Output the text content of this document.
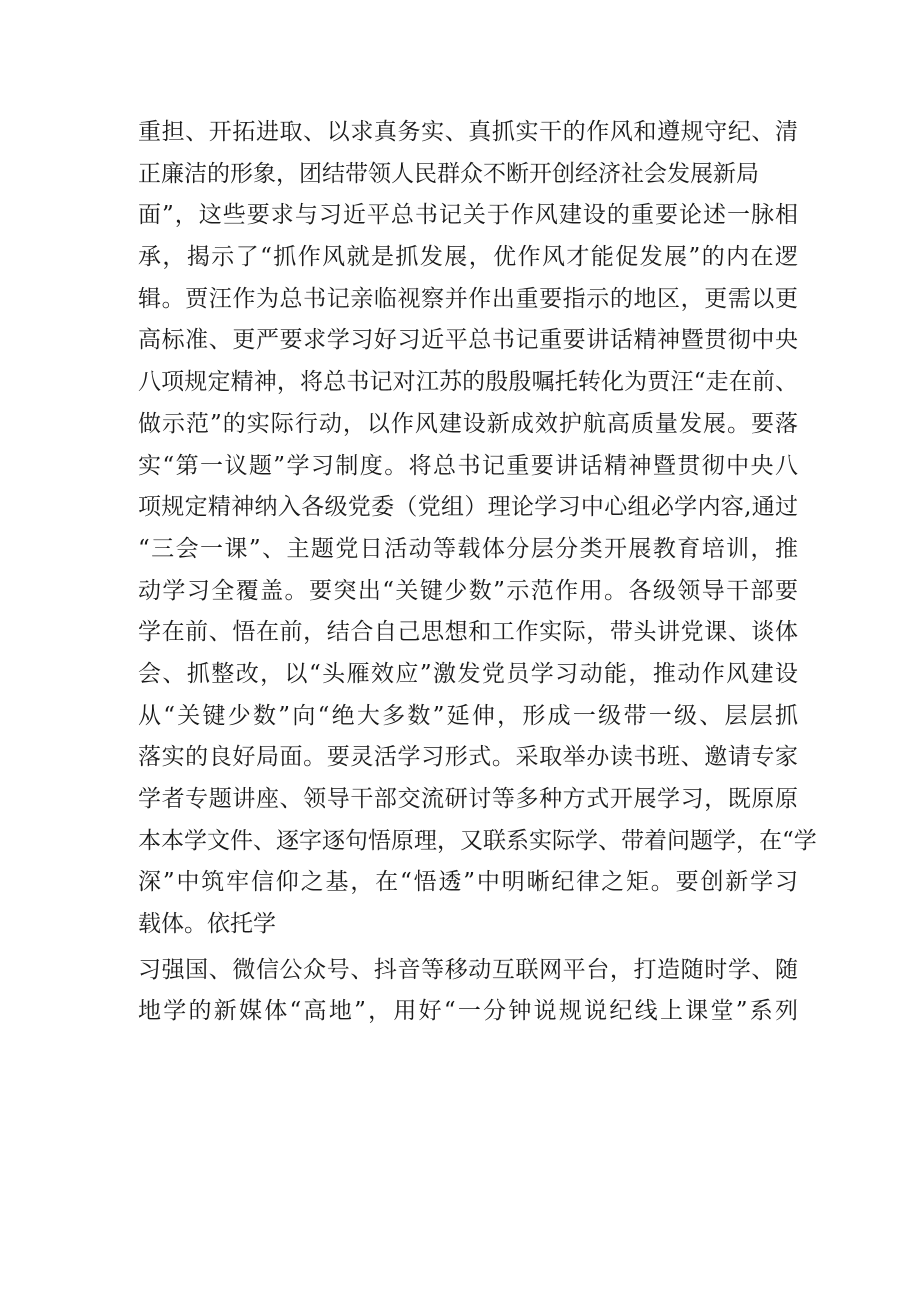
重担、开拓进取、以求真务实、真抓实干的作风和遵规守纪、清
正廉洁的形象，团结带领人民群众不断开创经济社会发展新局
面”，这些要求与习近平总书记关于作风建设的重要论述一脉相
承，揭示了“抓作风就是抓发展，优作风才能促发展”的内在逻
辑。贾汪作为总书记亲临视察并作出重要指示的地区，更需以更
高标准、更严要求学习好习近平总书记重要讲话精神暨贯彻中央
八项规定精神，将总书记对江苏的殷殷嘱托转化为贾汪“走在前、
做示范”的实际行动，以作风建设新成效护航高质量发展。要落
实“第一议题”学习制度。将总书记重要讲话精神暨贯彻中央八
项规定精神纳入各级党委（党组）理论学习中心组必学内容,通过
“三会一课”、主题党日活动等载体分层分类开展教育培训，推
动学习全覆盖。要突出“关键少数”示范作用。各级领导干部要
学在前、悟在前，结合自己思想和工作实际，带头讲党课、谈体
会、抓整改，以“头雁效应”激发党员学习动能，推动作风建设
从“关键少数”向“绝大多数”延伸，形成一级带一级、层层抓
落实的良好局面。要灵活学习形式。采取举办读书班、邀请专家
学者专题讲座、领导干部交流研讨等多种方式开展学习，既原原
本本学文件、逐字逐句悟原理，又联系实际学、带着问题学，在“学
深”中筑牢信仰之基，在“悟透”中明晰纪律之矩。要创新学习
载体。依托学
习强国、微信公众号、抖音等移动互联网平台，打造随时学、随
地学的新媒体“高地”，用好“一分钟说规说纪线上课堂”系列
